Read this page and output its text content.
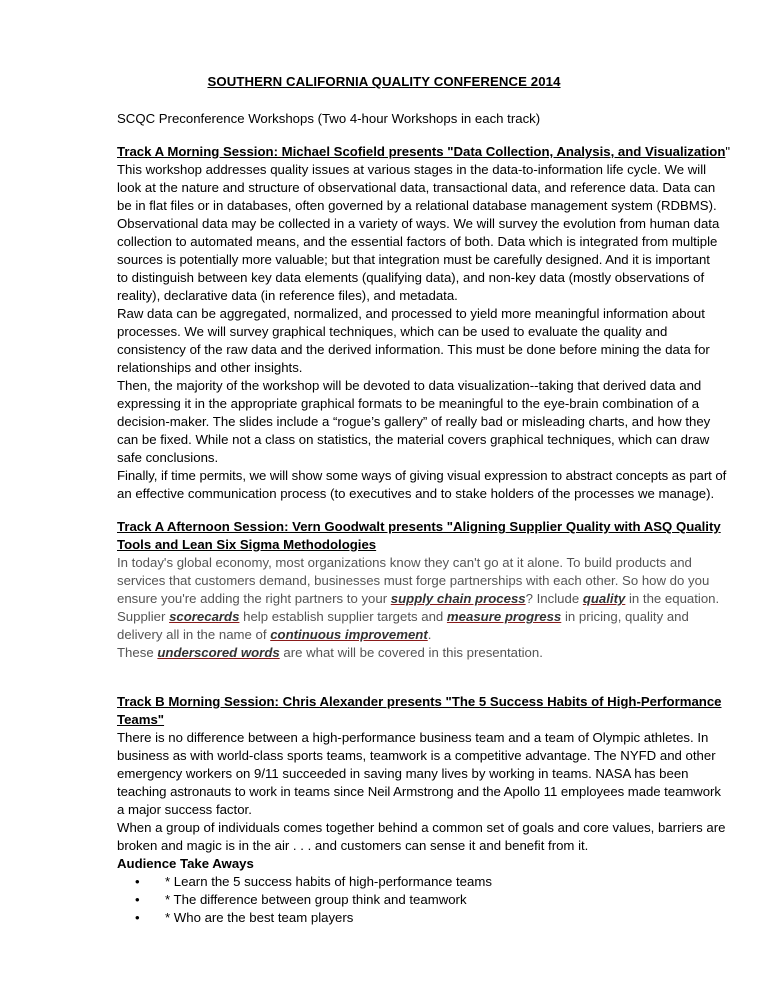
SOUTHERN CALIFORNIA QUALITY CONFERENCE 2014
SCQC Preconference Workshops (Two 4-hour Workshops in each track)
Track A Morning Session: Michael Scofield presents "Data Collection, Analysis, and Visualization"
This workshop addresses quality issues at various stages in the data-to-information life cycle. We will
look at the nature and structure of observational data, transactional data, and reference data. Data can
be in flat files or in databases, often governed by a relational database management system (RDBMS).
Observational data may be collected in a variety of ways. We will survey the evolution from human data
collection to automated means, and the essential factors of both. Data which is integrated from multiple
sources is potentially more valuable; but that integration must be carefully designed. And it is important
to distinguish between key data elements (qualifying data), and non-key data (mostly observations of
reality), declarative data (in reference files), and metadata.
Raw data can be aggregated, normalized, and processed to yield more meaningful information about
processes. We will survey graphical techniques, which can be used to evaluate the quality and
consistency of the raw data and the derived information. This must be done before mining the data for
relationships and other insights.
Then, the majority of the workshop will be devoted to data visualization--taking that derived data and
expressing it in the appropriate graphical formats to be meaningful to the eye-brain combination of a
decision-maker. The slides include a “rogue’s gallery” of really bad or misleading charts, and how they
can be fixed. While not a class on statistics, the material covers graphical techniques, which can draw
safe conclusions.
Finally, if time permits, we will show some ways of giving visual expression to abstract concepts as part of
an effective communication process (to executives and to stake holders of the processes we manage).
Track A Afternoon Session: Vern Goodwalt presents "Aligning Supplier Quality with ASQ Quality
Tools and Lean Six Sigma Methodologies
In today's global economy, most organizations know they can't go at it alone. To build products and
services that customers demand, businesses must forge partnerships with each other. So how do you
ensure you're adding the right partners to your supply chain process? Include quality in the equation.
Supplier scorecards help establish supplier targets and measure progress in pricing, quality and
delivery all in the name of continuous improvement.
These underscored words are what will be covered in this presentation.
Track B Morning Session: Chris Alexander presents "The 5 Success Habits of High-Performance
Teams"
There is no difference between a high-performance business team and a team of Olympic athletes. In
business as with world-class sports teams, teamwork is a competitive advantage. The NYFD and other
emergency workers on 9/11 succeeded in saving many lives by working in teams. NASA has been
teaching astronauts to work in teams since Neil Armstrong and the Apollo 11 employees made teamwork
a major success factor.
When a group of individuals comes together behind a common set of goals and core values, barriers are
broken and magic is in the air . . . and customers can sense it and benefit from it.
Audience Take Aways
•	* Learn the 5 success habits of high-performance teams
•	* The difference between group think and teamwork
•	* Who are the best team players
